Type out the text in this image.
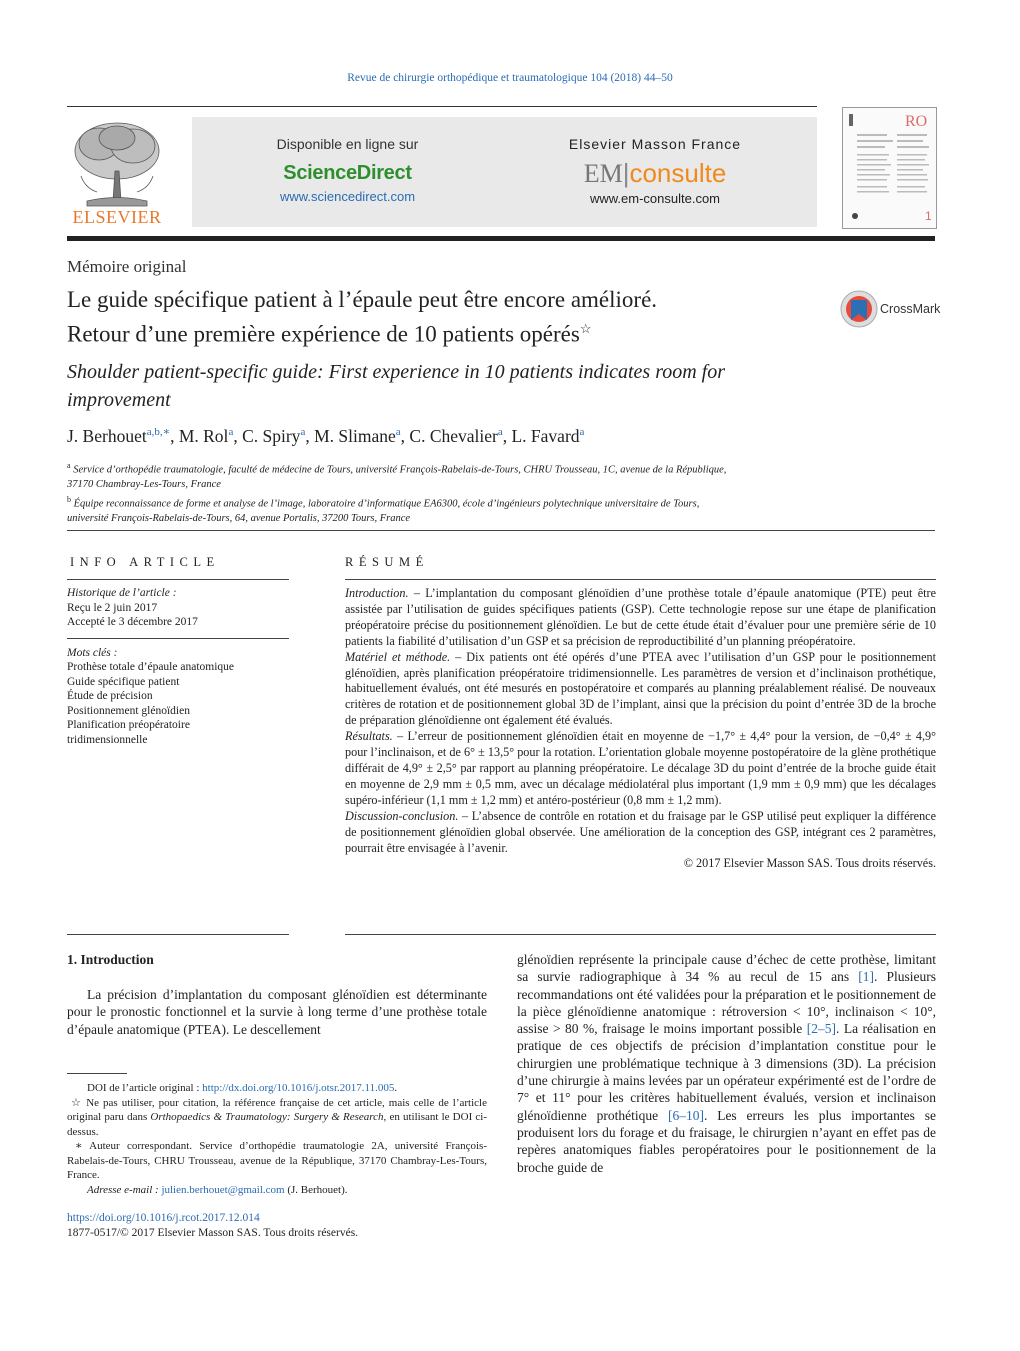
Revue de chirurgie orthopédique et traumatologique 104 (2018) 44–50
ELSEVIER
Disponible en ligne sur
ScienceDirect
www.sciencedirect.com
Elsevier Masson France
EM|consulte
www.em-consulte.com
RO
1
Mémoire original
Le guide spécifique patient à l’épaule peut être encore amélioré.
Retour d’une première expérience de 10 patients opérés☆
Shoulder patient-specific guide: First experience in 10 patients indicates room for improvement
CrossMark
J. Berhouet$^{a,b,∗}$, M. Rol$^a$, C. Spiry$^a$, M. Slimane$^a$, C. Chevalier$^a$, L. Favard$^a$
$^a$ Service d’orthopédie traumatologie, faculté de médecine de Tours, université François-Rabelais-de-Tours, CHRU Trousseau, 1C, avenue de la République,
37170 Chambray-Les-Tours, France
$^b$ Équipe reconnaissance de forme et analyse de l’image, laboratoire d’informatique EA6300, école d’ingénieurs polytechnique universitaire de Tours,
université François-Rabelais-de-Tours, 64, avenue Portalis, 37200 Tours, France
INFO ARTICLE
Historique de l’article :
Reçu le 2 juin 2017
Accepté le 3 décembre 2017
Mots clés :
Prothèse totale d’épaule anatomique
Guide spécifique patient
Étude de précision
Positionnement glénoïdien
Planification préopératoire
tridimensionnelle
RÉSUMÉ

Introduction. – L’implantation du composant glénoïdien d’une prothèse totale d’épaule anatomique (PTE) peut être assistée par l’utilisation de guides spécifiques patients (GSP). Cette technologie repose sur une étape de planification préopératoire précise du positionnement glénoïdien. Le but de cette étude était d’évaluer pour une première série de 10 patients la fiabilité d’utilisation d’un GSP et sa précision de reproductibilité d’un planning préopératoire.

Matériel et méthode. – Dix patients ont été opérés d’une PTEA avec l’utilisation d’un GSP pour le positionnement glénoïdien, après planification préopératoire tridimensionnelle. Les paramètres de version et d’inclinaison prothétique, habituellement évalués, ont été mesurés en postopératoire et comparés au planning préalablement réalisé. De nouveaux critères de rotation et de positionnement global 3D de l’implant, ainsi que la précision du point d’entrée 3D de la broche de préparation glénoïdienne ont également été évalués.

Résultats. – L’erreur de positionnement glénoïdien était en moyenne de −1,7° ± 4,4° pour la version, de −0,4° ± 4,9° pour l’inclinaison, et de 6° ± 13,5° pour la rotation. L’orientation globale moyenne postopératoire de la glène prothétique différait de 4,9° ± 2,5° par rapport au planning préopératoire. Le décalage 3D du point d’entrée de la broche guide était en moyenne de 2,9 mm ± 0,5 mm, avec un décalage médiolatéral plus important (1,9 mm ± 0,9 mm) que les décalages supéro-inférieur (1,1 mm ± 1,2 mm) et antéro-postérieur (0,8 mm ± 1,2 mm).

Discussion-conclusion. – L’absence de contrôle en rotation et du fraisage par le GSP utilisé peut expliquer la différence de positionnement glénoïdien global observée. Une amélioration de la conception des GSP, intégrant ces 2 paramètres, pourrait être envisagée à l’avenir.

© 2017 Elsevier Masson SAS. Tous droits réservés.

1. Introduction
La précision d’implantation du composant glénoïdien est déterminante pour le pronostic fonctionnel et la survie à long terme d’une prothèse totale d’épaule anatomique (PTEA). Le descellement
glénoïdien représente la principale cause d’échec de cette prothèse, limitant sa survie radiographique à 34 % au recul de 15 ans [1]. Plusieurs recommandations ont été validées pour la préparation et le positionnement de la pièce glénoïdienne anatomique : rétroversion < 10°, inclinaison < 10°, assise > 80 %, fraisage le moins important possible [2–5]. La réalisation en pratique de ces objectifs de précision d’implantation constitue pour le chirurgien une problématique technique à 3 dimensions (3D). La précision d’une chirurgie à mains levées par un opérateur expérimenté est de l’ordre de 7° et 11° pour les critères habituellement évalués, version et inclinaison glénoïdienne prothétique [6–10]. Les erreurs les plus importantes se produisent lors du forage et du fraisage, le chirurgien n’ayant en effet pas de repères anatomiques fiables peropératoires pour le positionnement de la broche guide de

DOI de l’article original : http://dx.doi.org/10.1016/j.otsr.2017.11.005.

☆ Ne pas utiliser, pour citation, la référence française de cet article, mais celle de l’article original paru dans Orthopaedics & Traumatology: Surgery & Research, en utilisant le DOI ci-dessus.

∗ Auteur correspondant. Service d’orthopédie traumatologie 2A, université François-Rabelais-de-Tours, CHRU Trousseau, avenue de la République, 37170 Chambray-Les-Tours, France.

Adresse e-mail : julien.berhouet@gmail.com (J. Berhouet).

https://doi.org/10.1016/j.rcot.2017.12.014
1877-0517/© 2017 Elsevier Masson SAS. Tous droits réservés.
